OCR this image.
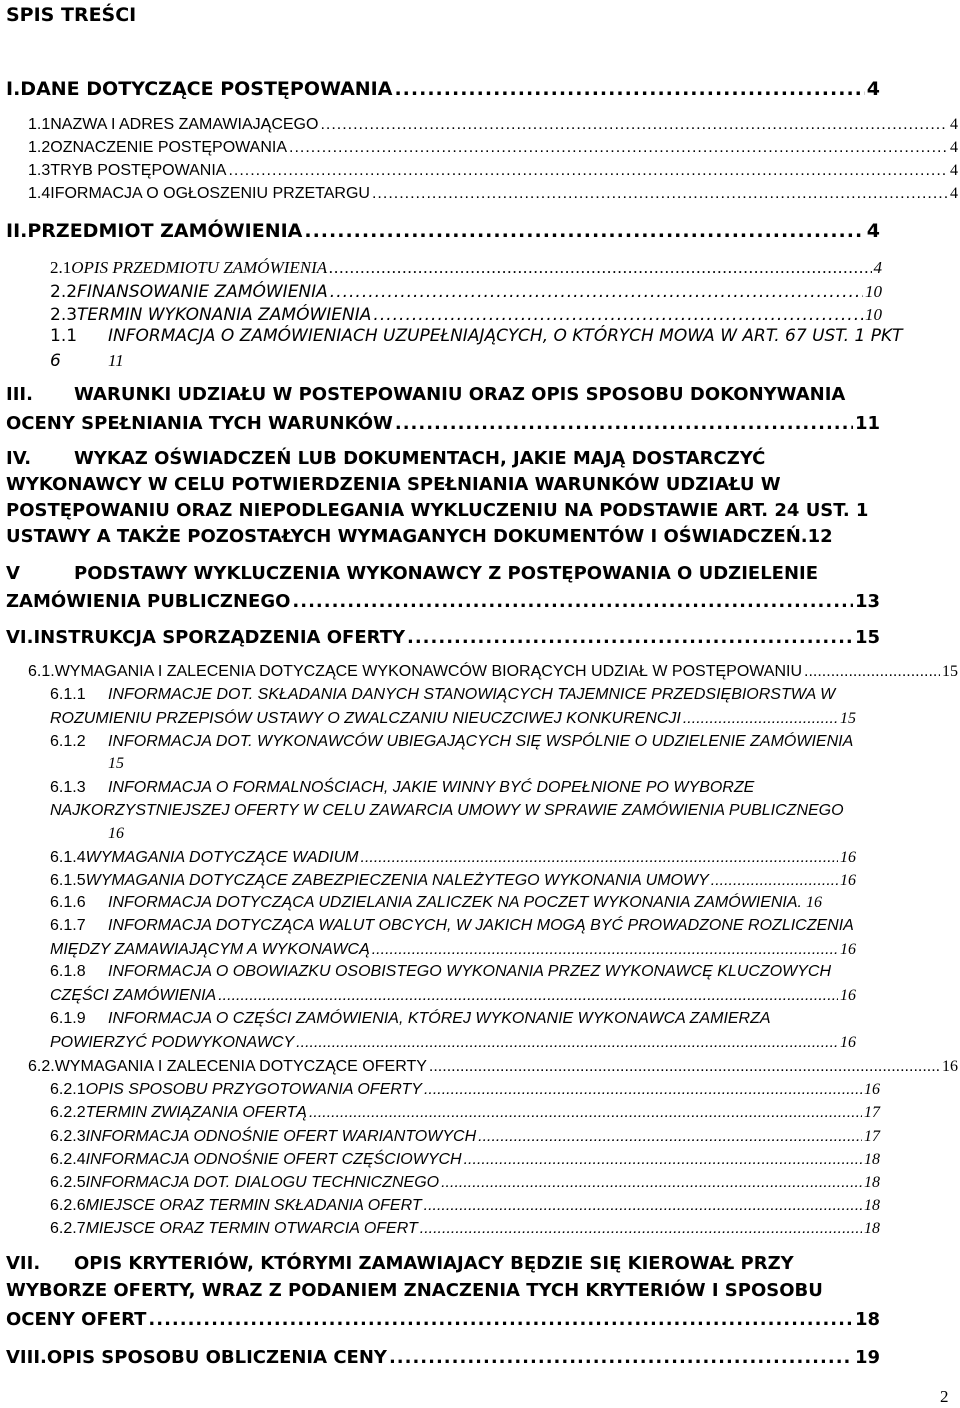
SPIS TREŚCI
I. DANE DOTYCZĄCE POSTĘPOWANIA .....	4
1.1 NAZWA I ADRES ZAMAWIAJĄCEGO .....	4
1.2 OZNACZENIE POSTĘPOWANIA .....	4
1.3 TRYB POSTĘPOWANIA .....	4
1.4 IFORMACJA O OGŁOSZENIU PRZETARGU .....	4
II. PRZEDMIOT ZAMÓWIENIA .....	4
2.1 OPIS PRZEDMIOTU ZAMÓWIENIA .....	4
2.2 FINANSOWANIE ZAMÓWIENIA .....	10
2.3 TERMIN WYKONANIA ZAMÓWIENIA .....	10
1.1 INFORMACJA O ZAMÓWIENIACH UZUPEŁNIAJĄCYCH, O KTÓRYCH MOWA W ART. 67 UST. 1 PKT
6	11
III. WARUNKI UDZIAŁU W POSTEPOWANIU ORAZ OPIS SPOSOBU DOKONYWANIA
OCENY SPEŁNIANIA TYCH WARUNKÓW .....	11
IV. WYKAZ OŚWIADCZEŃ LUB DOKUMENTACH, JAKIE MAJĄ DOSTARCZYĆ
WYKONAWCY W CELU POTWIERDZENIA SPEŁNIANIA WARUNKÓW UDZIAŁU W
POSTĘPOWANIU ORAZ NIEPODLEGANIA WYKLUCZENIU NA PODSTAWIE ART. 24 UST. 1
USTAWY A TAKŻE POZOSTAŁYCH WYMAGANYCH DOKUMENTÓW I OŚWIADCZEŃ.12
V	PODSTAWY WYKLUCZENIA WYKONAWCY Z POSTĘPOWANIA O UDZIELENIE
ZAMÓWIENIA PUBLICZNEGO .....	13
VI. INSTRUKCJA SPORZĄDZENIA OFERTY .....	15
6.1. WYMAGANIA I ZALECENIA DOTYCZĄCE WYKONAWCÓW BIORĄCYCH UDZIAŁ W POSTĘPOWANIU .....	15
6.1.1 INFORMACJE DOT. SKŁADANIA DANYCH STANOWIĄCYCH TAJEMNICE PRZEDSIĘBIORSTWA W
ROZUMIENIU PRZEPISÓW USTAWY O ZWALCZANIU NIEUCZCIWEJ KONKURENCJI .....	15
6.1.2 INFORMACJA DOT. WYKONAWCÓW UBIEGAJĄCYCH SIĘ WSPÓLNIE O UDZIELENIE ZAMÓWIENIA
15
6.1.3 INFORMACJA O FORMALNOŚCIACH, JAKIE WINNY BYĆ DOPEŁNIONE PO WYBORZE
NAJKORZYSTNIEJSZEJ OFERTY W CELU ZAWARCIA UMOWY W SPRAWIE ZAMÓWIENIA PUBLICZNEGO
16
6.1.4 WYMAGANIA DOTYCZĄCE WADIUM .....	16
6.1.5 WYMAGANIA DOTYCZĄCE ZABEZPIECZENIA NALEŻYTEGO WYKONANIA UMOWY .....	16
6.1.6 INFORMACJA DOTYCZĄCA UDZIELANIA ZALICZEK NA POCZET WYKONANIA ZAMÓWIENIA. 16
6.1.7 INFORMACJA DOTYCZĄCA WALUT OBCYCH, W JAKICH MOGĄ BYĆ PROWADZONE ROZLICZENIA
MIĘDZY ZAMAWIAJĄCYM A WYKONAWCĄ .....	16
6.1.8 INFORMACJA O OBOWIAZKU OSOBISTEGO WYKONANIA PRZEZ WYKONAWCĘ KLUCZOWYCH
CZĘŚCI ZAMÓWIENIA .....	16
6.1.9 INFORMACJA O CZĘŚCI ZAMÓWIENIA, KTÓREJ WYKONANIE WYKONAWCA ZAMIERZA
POWIERZYĆ PODWYKONAWCY .....	16
6.2. WYMAGANIA I ZALECENIA DOTYCZĄCE OFERTY .....	16
6.2.1 OPIS SPOSOBU PRZYGOTOWANIA OFERTY .....	16
6.2.2 TERMIN ZWIĄZANIA OFERTĄ .....	17
6.2.3 INFORMACJA ODNOŚNIE OFERT WARIANTOWYCH .....	17
6.2.4 INFORMACJA ODNOŚNIE OFERT CZĘŚCIOWYCH .....	18
6.2.5 INFORMACJA DOT. DIALOGU TECHNICZNEGO .....	18
6.2.6 MIEJSCE ORAZ TERMIN SKŁADANIA OFERT .....	18
6.2.7 MIEJSCE ORAZ TERMIN OTWARCIA OFERT .....	18
VII. OPIS KRYTERIÓW, KTÓRYMI ZAMAWIAJACY BĘDZIE SIĘ KIEROWAŁ PRZY
WYBORZE OFERTY, WRAZ Z PODANIEM ZNACZENIA TYCH KRYTERIÓW I SPOSOBU
OCENY OFERT .....	18
VIII. OPIS SPOSOBU OBLICZENIA CENY .....	19
2
